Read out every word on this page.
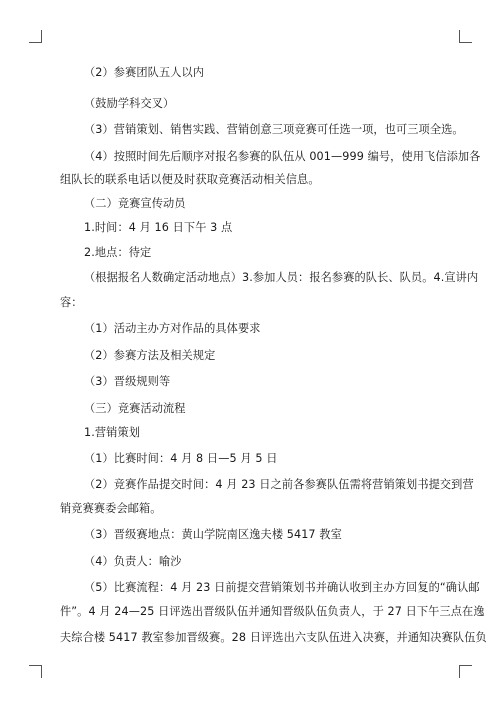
（2）参赛团队五人以内
（鼓励学科交叉）
（3）营销策划、销售实践、营销创意三项竞赛可任选一项，也可三项全选。
（4）按照时间先后顺序对报名参赛的队伍从 001—999 编号，使用飞信添加各
组队长的联系电话以便及时获取竞赛活动相关信息。
（二）竞赛宣传动员
1.时间：4 月 16 日下午 3 点
2.地点：待定
（根据报名人数确定活动地点）3.参加人员：报名参赛的队长、队员。4.宣讲内
容：
（1）活动主办方对作品的具体要求
（2）参赛方法及相关规定
（3）晋级规则等
（三）竞赛活动流程
1.营销策划
（1）比赛时间：4 月 8 日—5 月 5 日
（2）竞赛作品提交时间：4 月 23 日之前各参赛队伍需将营销策划书提交到营
销竞赛赛委会邮箱。
（3）晋级赛地点：黄山学院南区逸夫楼 5417 教室
（4）负责人：喻沙
（5）比赛流程：4 月 23 日前提交营销策划书并确认收到主办方回复的“确认邮
件”。4 月 24—25 日评选出晋级队伍并通知晋级队伍负责人，于 27 日下午三点在逸
夫综合楼 5417 教室参加晋级赛。28 日评选出六支队伍进入决赛，并通知决赛队伍负
